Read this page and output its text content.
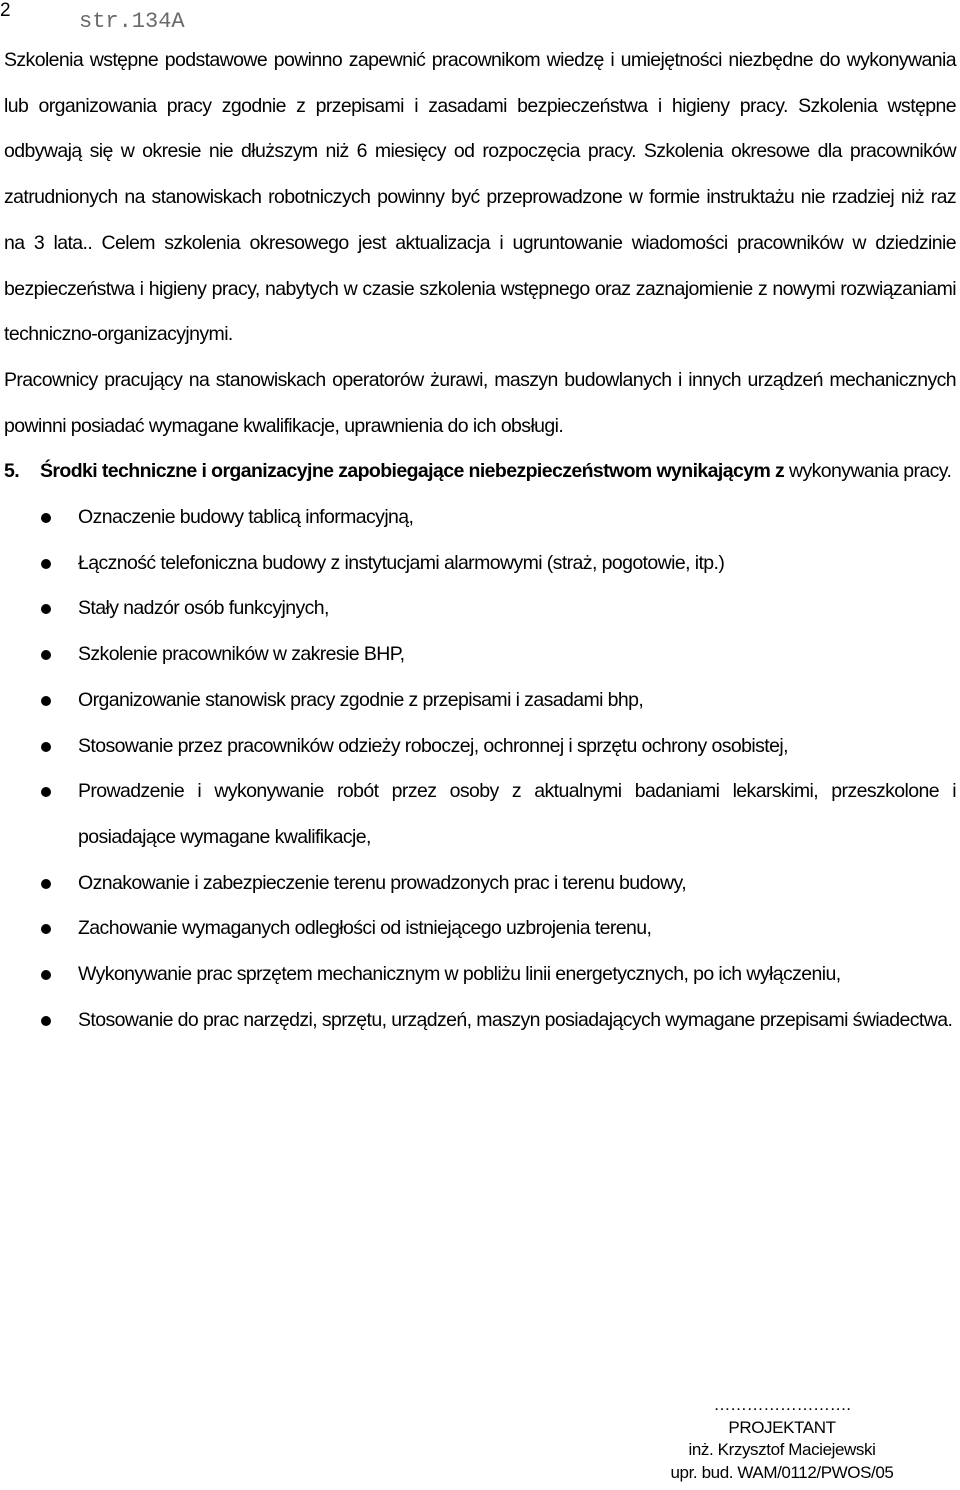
2	str.134A

Szkolenia wstępne podstawowe powinno zapewnić pracownikom wiedzę i umiejętności niezbędne do wykonywania lub organizowania pracy zgodnie z przepisami i zasadami bezpieczeństwa i higieny pracy. Szkolenia wstępne odbywają się w okresie nie dłuższym niż 6 miesięcy od rozpoczęcia pracy. Szkolenia okresowe dla pracowników zatrudnionych na stanowiskach robotniczych powinny być przeprowadzone w formie instruktażu nie rzadziej niż raz na 3 lata.. Celem szkolenia okresowego jest aktualizacja i ugruntowanie wiadomości pracowników w dziedzinie bezpieczeństwa i higieny pracy, nabytych w czasie szkolenia wstępnego oraz zaznajomienie z nowymi rozwiązaniami techniczno-organizacyjnymi.

Pracownicy pracujący na stanowiskach operatorów żurawi, maszyn budowlanych i innych urządzeń mechanicznych powinni posiadać wymagane kwalifikacje, uprawnienia do ich obsługi.

5. Środki techniczne i organizacyjne zapobiegające niebezpieczeństwom wynikającym z wykonywania pracy.

Oznaczenie budowy tablicą informacyjną,
Łączność telefoniczna budowy z instytucjami alarmowymi (straż, pogotowie, itp.)
Stały nadzór osób funkcyjnych,
Szkolenie pracowników w zakresie BHP,
Organizowanie stanowisk pracy zgodnie z przepisami i zasadami bhp,
Stosowanie przez pracowników odzieży roboczej, ochronnej i sprzętu ochrony osobistej,
Prowadzenie i wykonywanie robót przez osoby z aktualnymi badaniami lekarskimi, przeszkolone i posiadające wymagane kwalifikacje,
Oznakowanie i zabezpieczenie terenu prowadzonych prac i terenu budowy,
Zachowanie wymaganych odległości od istniejącego uzbrojenia terenu,
Wykonywanie prac sprzętem mechanicznym w pobliżu linii energetycznych, po ich wyłączeniu,
Stosowanie do prac narzędzi, sprzętu, urządzeń, maszyn posiadających wymagane przepisami świadectwa.
…………………….
PROJEKTANT
inż. Krzysztof Maciejewski
upr. bud. WAM/0112/PWOS/05
